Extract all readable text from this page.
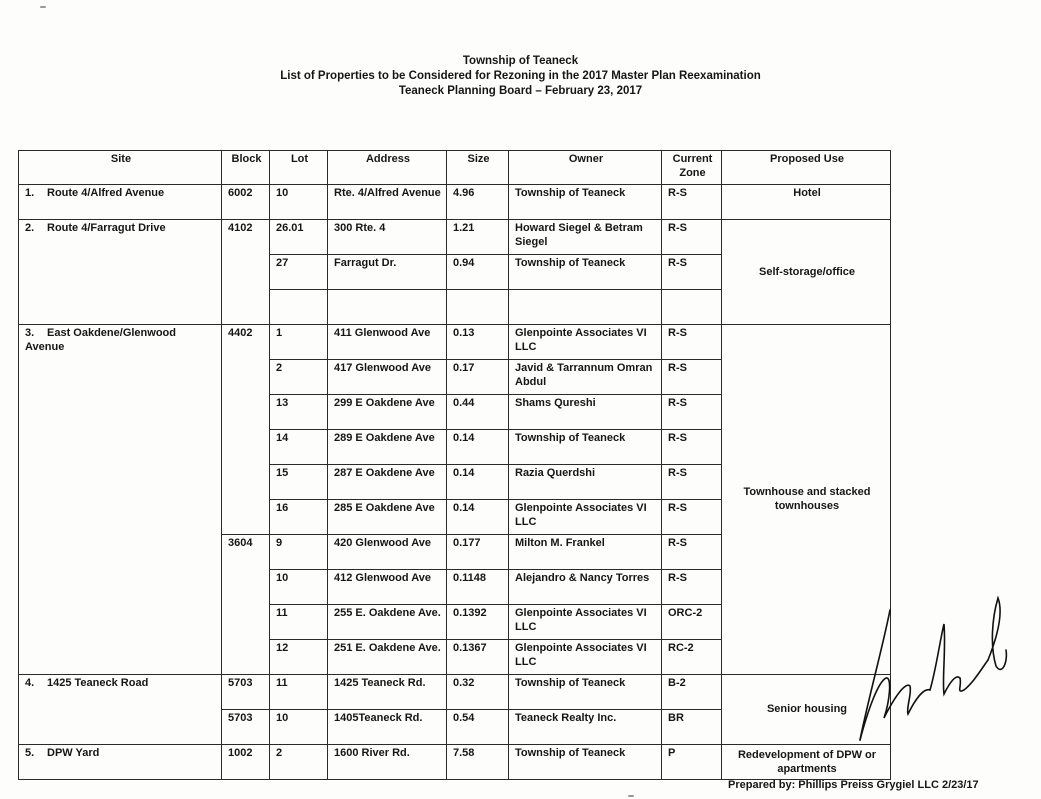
Township of Teaneck
List of Properties to be Considered for Rezoning in the 2017 Master Plan Reexamination
Teaneck Planning Board – February 23, 2017
Site	Block	Lot	Address	Size	Owner	Current Zone	Proposed Use
1. Route 4/Alfred Avenue	6002	10	Rte. 4/Alfred Avenue	4.96	Township of Teaneck	R-S	Hotel
2. Route 4/Farragut Drive	4102	26.01	300 Rte. 4	1.21	Howard Siegel & Betram Siegel	R-S	Self-storage/office
		27	Farragut Dr.	0.94	Township of Teaneck	R-S	

3. East Oakdene/Glenwood Avenue	4402	1	411 Glenwood Ave	0.13	Glenpointe Associates VI LLC	R-S	Townhouse and stacked townhouses
		2	417 Glenwood Ave	0.17	Javid & Tarrannum Omran Abdul	R-S	
		13	299 E Oakdene Ave	0.44	Shams Qureshi	R-S	
		14	289 E Oakdene Ave	0.14	Township of Teaneck	R-S	
		15	287 E Oakdene Ave	0.14	Razia Querdshi	R-S	
		16	285 E Oakdene Ave	0.14	Glenpointe Associates VI LLC	R-S	
	3604	9	420 Glenwood Ave	0.177	Milton M. Frankel	R-S	
		10	412 Glenwood Ave	0.1148	Alejandro & Nancy Torres	R-S	
		11	255 E. Oakdene Ave.	0.1392	Glenpointe Associates VI LLC	ORC-2	
		12	251 E. Oakdene Ave.	0.1367	Glenpointe Associates VI LLC	RC-2	
4. 1425 Teaneck Road	5703	11	1425 Teaneck Rd.	0.32	Township of Teaneck	B-2	Senior housing
	5703	10	1405Teaneck Rd.	0.54	Teaneck Realty Inc.	BR	
5. DPW Yard	1002	2	1600 River Rd.	7.58	Township of Teaneck	P	Redevelopment of DPW or apartments
Prepared by: Phillips Preiss Grygiel LLC 2/23/17
